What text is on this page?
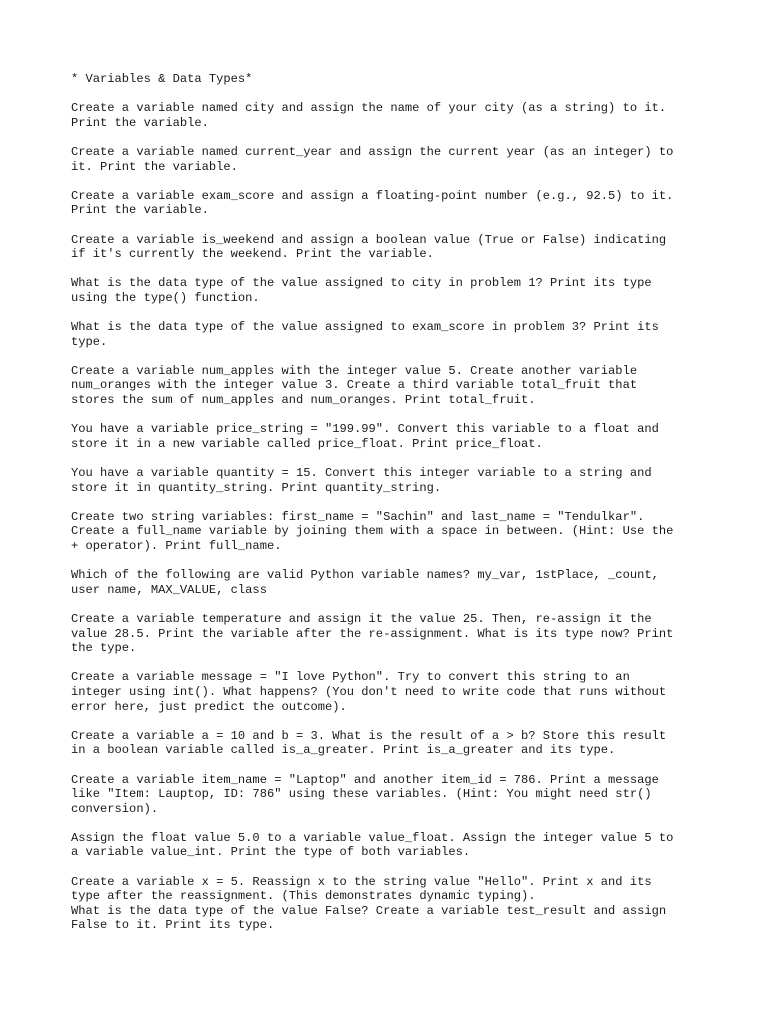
* Variables & Data Types*
Create a variable named city and assign the name of your city (as a string) to it.
Print the variable.
Create a variable named current_year and assign the current year (as an integer) to
it. Print the variable.
Create a variable exam_score and assign a floating-point number (e.g., 92.5) to it.
Print the variable.
Create a variable is_weekend and assign a boolean value (True or False) indicating
if it's currently the weekend. Print the variable.
What is the data type of the value assigned to city in problem 1? Print its type
using the type() function.
What is the data type of the value assigned to exam_score in problem 3? Print its
type.
Create a variable num_apples with the integer value 5. Create another variable
num_oranges with the integer value 3. Create a third variable total_fruit that
stores the sum of num_apples and num_oranges. Print total_fruit.
You have a variable price_string = "199.99". Convert this variable to a float and
store it in a new variable called price_float. Print price_float.
You have a variable quantity = 15. Convert this integer variable to a string and
store it in quantity_string. Print quantity_string.
Create two string variables: first_name = "Sachin" and last_name = "Tendulkar".
Create a full_name variable by joining them with a space in between. (Hint: Use the
+ operator). Print full_name.
Which of the following are valid Python variable names? my_var, 1stPlace, _count,
user name, MAX_VALUE, class
Create a variable temperature and assign it the value 25. Then, re-assign it the
value 28.5. Print the variable after the re-assignment. What is its type now? Print
the type.
Create a variable message = "I love Python". Try to convert this string to an
integer using int(). What happens? (You don't need to write code that runs without
error here, just predict the outcome).
Create a variable a = 10 and b = 3. What is the result of a > b? Store this result
in a boolean variable called is_a_greater. Print is_a_greater and its type.
Create a variable item_name = "Laptop" and another item_id = 786. Print a message
like "Item: Lauptop, ID: 786" using these variables. (Hint: You might need str()
conversion).
Assign the float value 5.0 to a variable value_float. Assign the integer value 5 to
a variable value_int. Print the type of both variables.
Create a variable x = 5. Reassign x to the string value "Hello". Print x and its
type after the reassignment. (This demonstrates dynamic typing).
What is the data type of the value False? Create a variable test_result and assign
False to it. Print its type.
